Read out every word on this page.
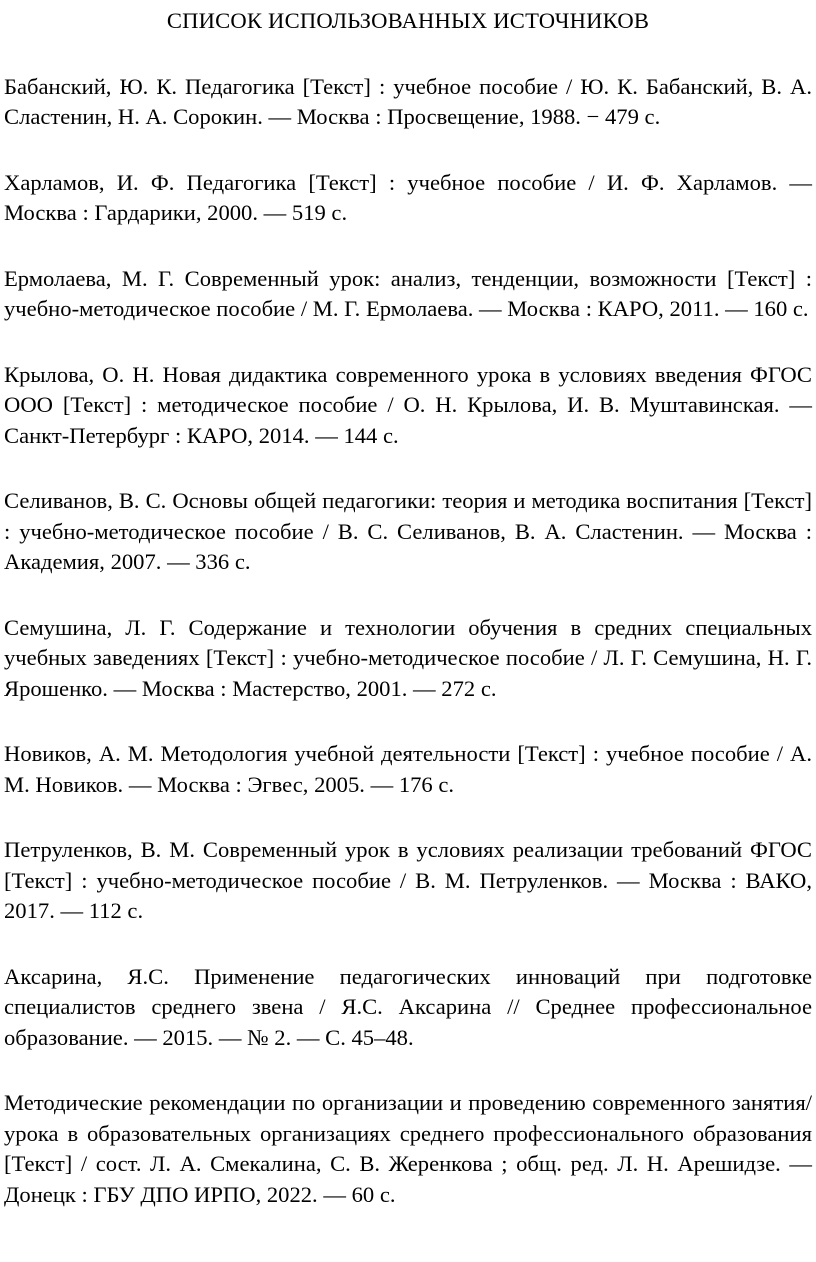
СПИСОК ИСПОЛЬЗОВАННЫХ ИСТОЧНИКОВ

Бабанский, Ю. К. Педагогика [Текст] : учебное пособие / Ю. К. Бабанский, В. А. Сластенин, Н. А. Сорокин. — Москва : Просвещение, 1988. − 479 с.

Харламов, И. Ф. Педагогика [Текст] : учебное пособие / И. Ф. Харламов. — Москва : Гардарики, 2000. — 519 с.

Ермолаева, М. Г. Современный урок: анализ, тенденции, возможности [Текст] : учебно-методическое пособие / М. Г. Ермолаева. — Москва : КАРО, 2011. — 160 с.

Крылова, О. Н. Новая дидактика современного урока в условиях введения ФГОС ООО [Текст] : методическое пособие / О. Н. Крылова, И. В. Муштавинская. — Санкт-Петербург : КАРО, 2014. — 144 с.

Селиванов, В. С. Основы общей педагогики: теория и методика воспитания [Текст] : учебно-методическое пособие / В. С. Селиванов, В. А. Сластенин. — Москва : Академия, 2007. — 336 с.

Семушина, Л. Г. Содержание и технологии обучения в средних специальных учебных заведениях [Текст] : учебно-методическое пособие / Л. Г. Семушина, Н. Г. Ярошенко. — Москва : Мастерство, 2001. — 272 с.

Новиков, А. М. Методология учебной деятельности [Текст] : учебное пособие / А. М. Новиков. — Москва : Эгвес, 2005. — 176 с.

Петруленков, В. М. Современный урок в условиях реализации требований ФГОС [Текст] : учебно-методическое пособие / В. М. Петруленков. — Москва : ВАКО, 2017. — 112 с.

Аксарина, Я.С. Применение педагогических инноваций при подготовке специалистов среднего звена / Я.С. Аксарина // Среднее профессиональное образование. — 2015. — № 2. — С. 45–48.

Методические рекомендации по организации и проведению современного занятия/урока в образовательных организациях среднего профессионального образования [Текст] / сост. Л. А. Смекалина, С. В. Жеренкова ; общ. ред. Л. Н. Арешидзе. — Донецк : ГБУ ДПО ИРПО, 2022. — 60 с.
